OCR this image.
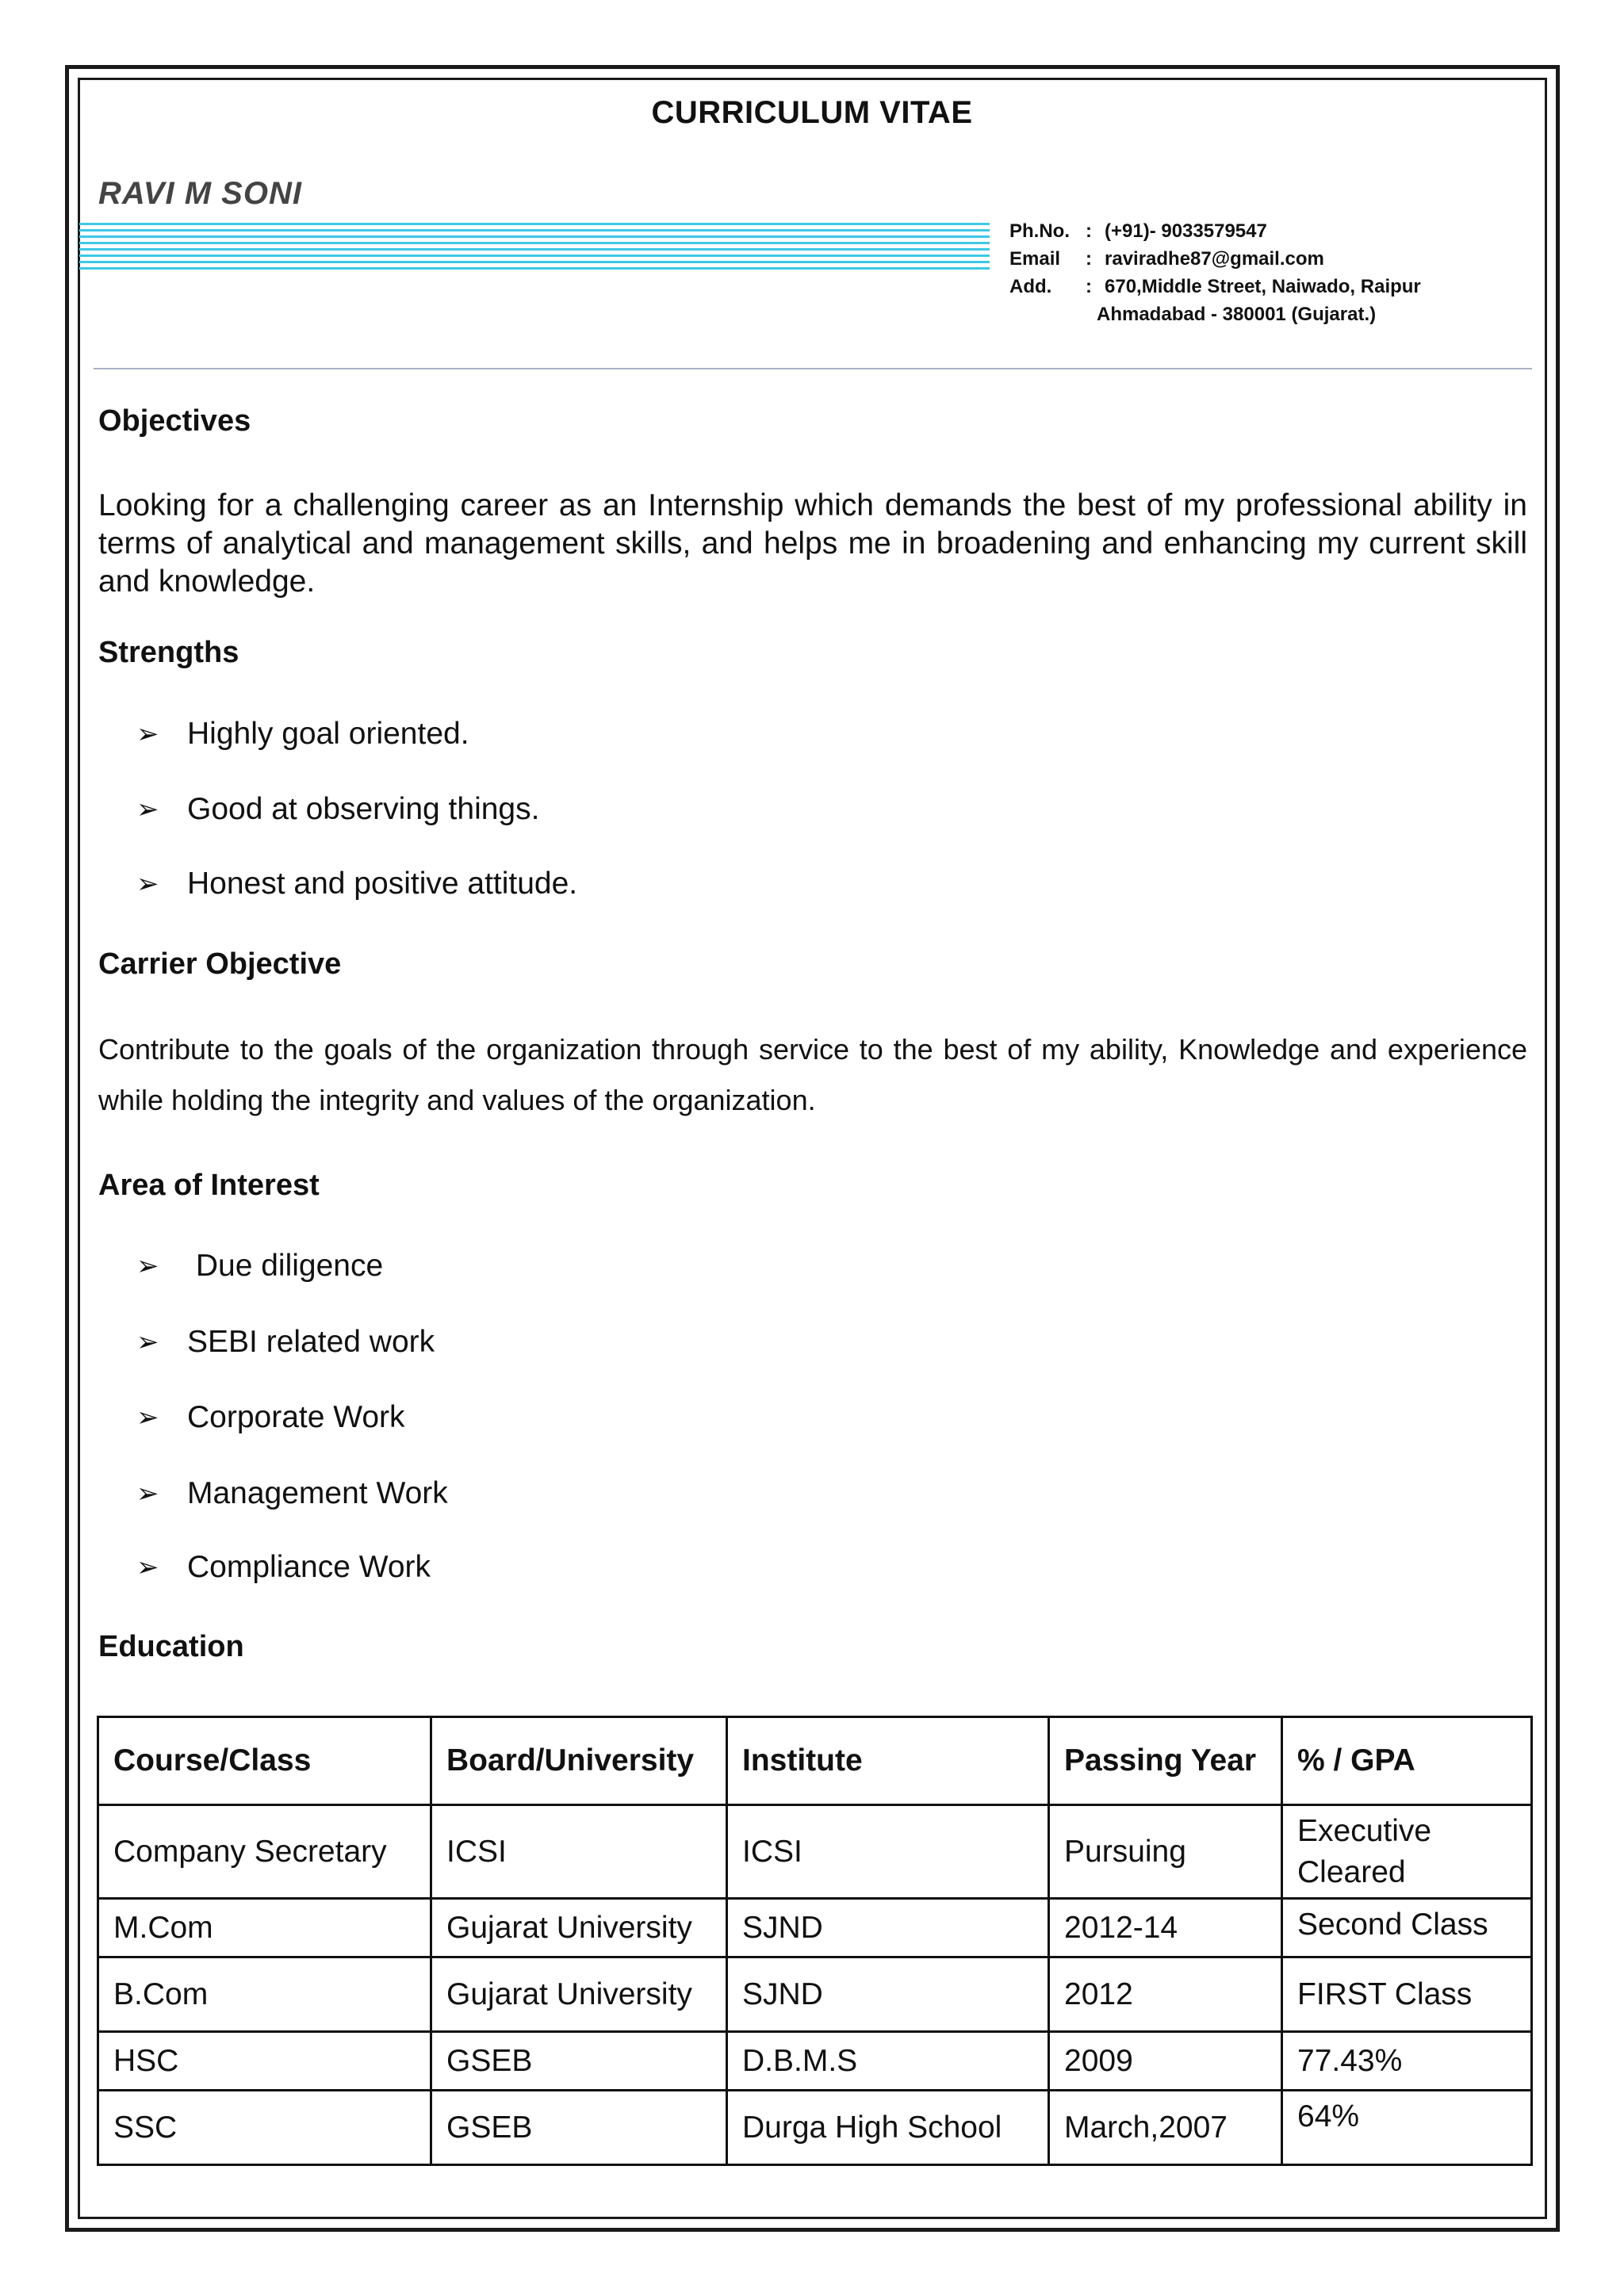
CURRICULUM VITAE
RAVI M SONI
Ph.No. : (+91)- 9033579547
Email	: raviradhe87@gmail.com
Add.	: 670,Middle Street, Naiwado, Raipur
Ahmadabad - 380001 (Gujarat.)
Objectives
Looking for a challenging career as an Internship which demands the best of my professional ability in terms of analytical and management skills, and helps me in broadening and enhancing my current skill and knowledge.
Strengths
➢ Highly goal oriented.
➢ Good at observing things.
➢ Honest and positive attitude.
Carrier Objective
Contribute to the goals of the organization through service to the best of my ability, Knowledge and experience while holding the integrity and values of the organization.
Area of Interest
➢ Due diligence
➢ SEBI related work
➢ Corporate Work
➢ Management Work
➢ Compliance Work
Education
Course/Class	Board/University	Institute	Passing Year	% / GPA
Company Secretary	ICSI	ICSI	Pursuing	Executive Cleared
M.Com	Gujarat University	SJND	2012-14	Second Class
B.Com	Gujarat University	SJND	2012	FIRST Class
HSC	GSEB	D.B.M.S	2009	77.43%
SSC	GSEB	Durga High School	March,2007	64%
